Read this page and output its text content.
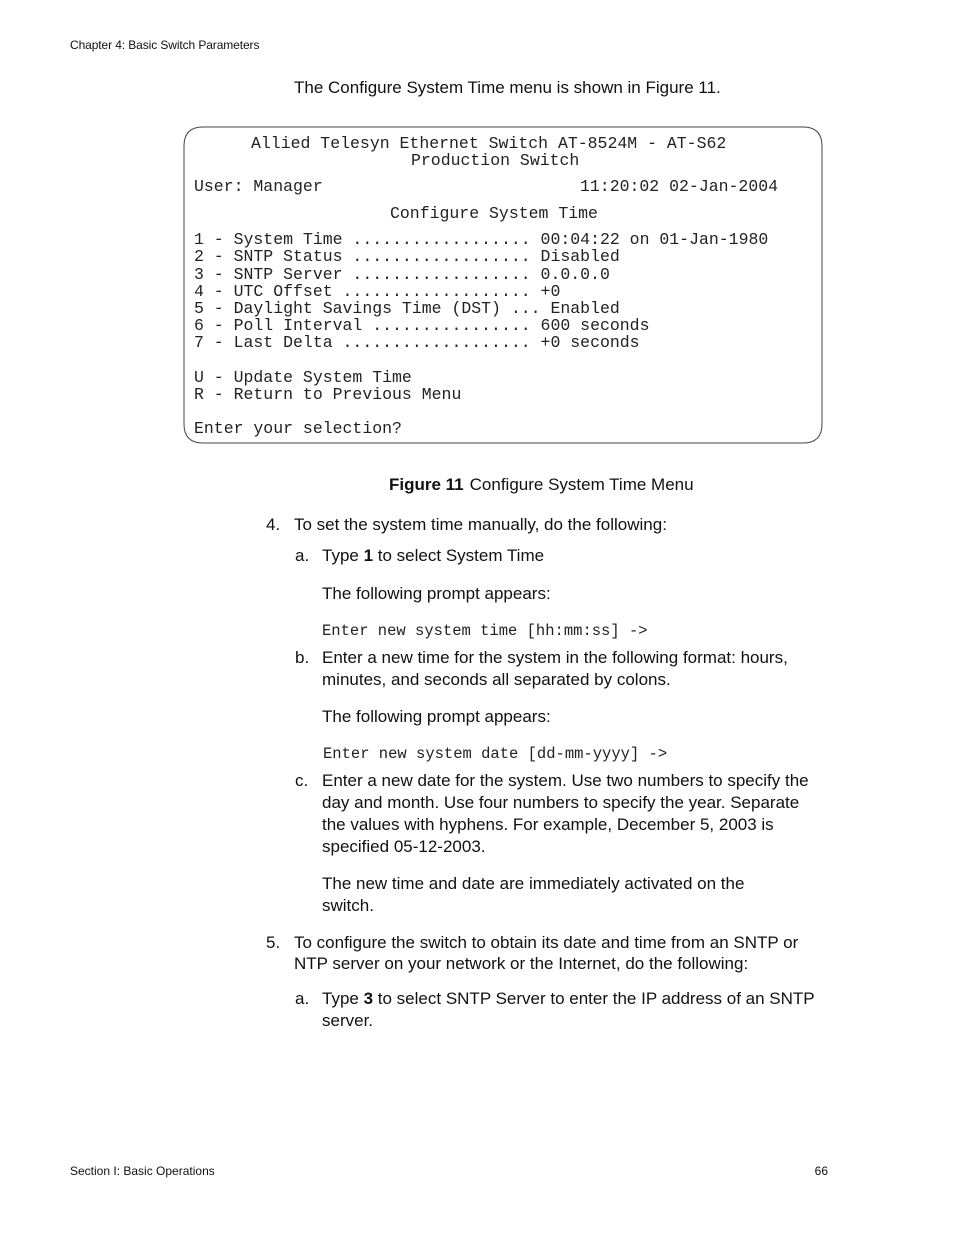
Chapter 4: Basic Switch Parameters
The Configure System Time menu is shown in Figure 11.
Allied Telesyn Ethernet Switch AT-8524M - AT-S62
Production Switch
User: Manager	11:20:02 02-Jan-2004
Configure System Time
1 - System Time .................. 00:04:22 on 01-Jan-1980
2 - SNTP Status .................. Disabled
3 - SNTP Server .................. 0.0.0.0
4 - UTC Offset ................... +0
5 - Daylight Savings Time (DST) ... Enabled
6 - Poll Interval ................ 600 seconds
7 - Last Delta ................... +0 seconds
U - Update System Time
R - Return to Previous Menu
Enter your selection?
Figure 11 Configure System Time Menu
4. To set the system time manually, do the following:
a. Type 1 to select System Time
The following prompt appears:
Enter new system time [hh:mm:ss] ->
b. Enter a new time for the system in the following format: hours,
minutes, and seconds all separated by colons.
The following prompt appears:
Enter new system date [dd-mm-yyyy] ->
c. Enter a new date for the system. Use two numbers to specify the
day and month. Use four numbers to specify the year. Separate
the values with hyphens. For example, December 5, 2003 is
specified 05-12-2003.
The new time and date are immediately activated on the
switch.
5. To configure the switch to obtain its date and time from an SNTP or
NTP server on your network or the Internet, do the following:
a. Type 3 to select SNTP Server to enter the IP address of an SNTP
server.
Section I: Basic Operations	66
